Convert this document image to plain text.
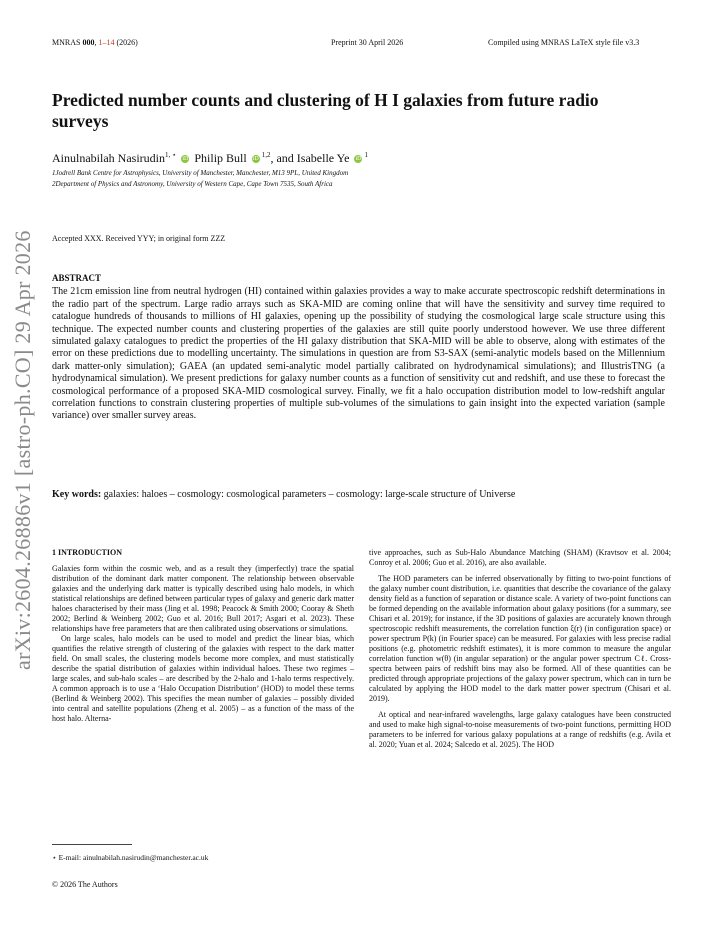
MNRAS 000, 1–14 (2026)	Preprint 30 April 2026	Compiled using MNRAS LaTeX style file v3.3
Predicted number counts and clustering of H I galaxies from future radio surveys
Ainulnabilah Nasirudin$^{1, ⋆}$ iD Philip Bull iD$^{1,2}$, and Isabelle Ye $iD^1$
1Jodrell Bank Centre for Astrophysics, University of Manchester, Manchester, M13 9PL, United Kingdom
2Department of Physics and Astronomy, University of Western Cape, Cape Town 7535, South Africa
Accepted XXX. Received YYY; in original form ZZZ
ABSTRACT

The 21cm emission line from neutral hydrogen (HI) contained within galaxies provides a way to make accurate spectroscopic redshift determinations in the radio part of the spectrum. Large radio arrays such as SKA-MID are coming online that will have the sensitivity and survey time required to catalogue hundreds of thousands to millions of HI galaxies, opening up the possibility of studying the cosmological large scale structure using this technique. The expected number counts and clustering properties of the galaxies are still quite poorly understood however. We use three different simulated galaxy catalogues to predict the properties of the HI galaxy distribution that SKA-MID will be able to observe, along with estimates of the error on these predictions due to modelling uncertainty. The simulations in question are from S3-SAX (semi-analytic models based on the Millennium dark matter-only simulation); GAEA (an updated semi-analytic model partially calibrated on hydrodynamical simulations); and IllustrisTNG (a hydrodynamical simulation). We present predictions for galaxy number counts as a function of sensitivity cut and redshift, and use these to forecast the cosmological performance of a proposed SKA-MID cosmological survey. Finally, we fit a halo occupation distribution model to low-redshift angular correlation functions to constrain clustering properties of multiple sub-volumes of the simulations to gain insight into the expected variation (sample variance) over smaller survey areas.

Key words: galaxies: haloes – cosmology: cosmological parameters – cosmology: large-scale structure of Universe
arXiv:2604.26886v1 [astro-ph.CO] 29 Apr 2026 1 INTRODUCTION

Galaxies form within the cosmic web, and as a result they (imperfectly) trace the spatial distribution of the dominant dark matter component. The relationship between observable galaxies and the underlying dark matter is typically described using halo models, in which statistical relationships are defined between particular types of galaxy and generic dark matter haloes characterised by their mass (Jing et al. 1998; Peacock & Smith 2000; Cooray & Sheth 2002; Berlind & Weinberg 2002; Guo et al. 2016; Bull 2017; Asgari et al. 2023). These relationships have free parameters that are then calibrated using observations or simulations.

On large scales, halo models can be used to model and predict the linear bias, which quantifies the relative strength of clustering of the galaxies with respect to the dark matter field. On small scales, the clustering models become more complex, and must statistically describe the spatial distribution of galaxies within individual haloes. These two regimes – large scales, and sub-halo scales – are described by the 2-halo and 1-halo terms respectively. A common approach is to use a ‘Halo Occupation Distribution’ (HOD) to model these terms (Berlind & Weinberg 2002). This specifies the mean number of galaxies – possibly divided into central and satellite populations (Zheng et al. 2005) – as a function of the mass of the host halo. Alterna-

⋆ E-mail: ainulnabilah.nasirudin@manchester.ac.uk
© 2026 The Authors

tive approaches, such as Sub-Halo Abundance Matching (SHAM) (Kravtsov et al. 2004; Conroy et al. 2006; Guo et al. 2016), are also available.

The HOD parameters can be inferred observationally by fitting to two-point functions of the galaxy number count distribution, i.e. quantities that describe the covariance of the galaxy density field as a function of separation or distance scale. A variety of two-point functions can be formed depending on the available information about galaxy positions (for a summary, see Chisari et al. 2019); for instance, if the 3D positions of galaxies are accurately known through spectroscopic redshift measurements, the correlation function ξ(r) (in configuration space) or power spectrum P(k) (in Fourier space) can be measured. For galaxies with less precise radial positions (e.g. photometric redshift estimates), it is more common to measure the angular correlation function w(θ) (in angular separation) or the angular power spectrum Cℓ. Cross-spectra between pairs of redshift bins may also be formed. All of these quantities can be predicted through appropriate projections of the galaxy power spectrum, which can in turn be calculated by applying the HOD model to the dark matter power spectrum (Chisari et al. 2019).

At optical and near-infrared wavelengths, large galaxy catalogues have been constructed and used to make high signal-to-noise measurements of two-point functions, permitting HOD parameters to be inferred for various galaxy populations at a range of redshifts (e.g. Avila et al. 2020; Yuan et al. 2024; Salcedo et al. 2025). The HOD
